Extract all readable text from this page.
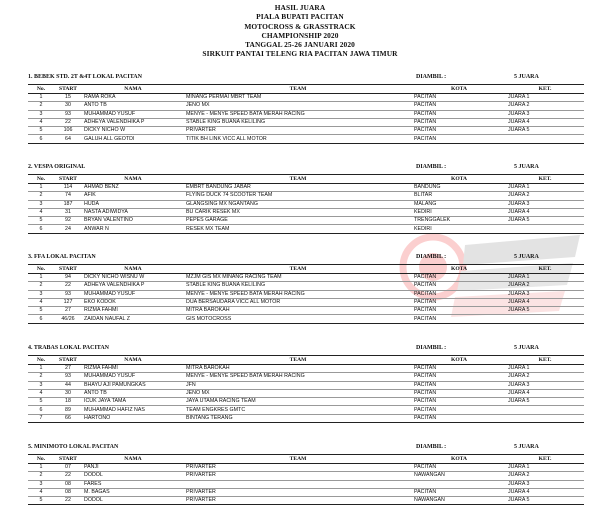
HASIL JUARA
PIALA BUPATI PACITAN
MOTOCROSS & GRASSTRACK
CHAMPIONSHIP 2020
TANGGAL 25-26 JANUARI 2020
SIRKUIT PANTAI TELENG RIA PACITAN JAWA TIMUR
1. BEBEK STD. 2T &4T LOKAL PACITAN	DIAMBIL :	5 JUARA
No.	START	NAMA	TEAM	KOTA	KET.
1	15	RAMA ROKA	MINANG PERMAI MBRT TEAM	PACITAN	JUARA 1
2	30	ANTO TB	JENO MX	PACITAN	JUARA 2
3	93	MUHAMMAD YUSUF	MENYE - MENYE SPEED BATA MERAH RACING	PACITAN	JUARA 3
4	22	ADHEYA VALENDHIKA P	STABLE KING BUANA KELILING	PACITAN	JUARA 4
5	106	DICKY NICHO W	PRIVARTER	PACITAN	JUARA 5
6	64	GALUH ALL GEOTDI	TITIK BH LINK VICC ALL MOTOR	PACITAN	
2. VESPA ORIGINAL	DIAMBIL :	5 JUARA
No.	START	NAMA	TEAM	KOTA	KET.
1	114	AHMAD BENZ	EMBRT BANDUNG JABAR	BANDUNG	JUARA 1
2	74	AFIK	FLYING DUCK 74 SCOOTER TEAM	BLITAR	JUARA 2
3	187	HUDA	GLANGSING MX NGANTANG	MALANG	JUARA 3
4	31	NASTA ADIWIDYA	BU CARIK RESEK MX	KEDIRI	JUARA 4
5	92	BRYAN VALENTINO	PEPES GARAGE	TRENGGALEK	JUARA 5
6	24	ANWAR N	RESEK MX TEAM	KEDIRI	
3. FFA LOKAL PACITAN	DIAMBIL :	5 JUARA
No.	START	NAMA	TEAM	KOTA	KET.
1	94	DICKY NICHO WISNU W	MZJM GIS MX MINANG RACING TEAM	PACITAN	JUARA 1
2	22	ADHEYA VALENDHIKA P	STABLE KING BUANA KELILING	PACITAN	JUARA 2
3	93	MUHAMMAD YUSUF	MENYE - MENYE SPEED BATA MERAH RACING	PACITAN	JUARA 3
4	127	EKO KODOK	DUA BERSAUDARA VICC ALL MOTOR	PACITAN	JUARA 4
5	27	RIZMA FAHMI	MITRA BAROKAH	PACITAN	JUARA 5
6	46/26	ZAIDAN NAUFAL Z	GIS MOTOCROSS	PACITAN	
4. TRABAS LOKAL PACITAN	DIAMBIL :	5 JUARA
No.	START	NAMA	TEAM	KOTA	KET.
1	27	RIZMA FAHMI	MITRA BAROKAH	PACITAN	JUARA 1
2	93	MUHAMMAD YUSUF	MENYE - MENYE SPEED BATA MERAH RACING	PACITAN	JUARA 2
3	44	BHAYU AJI PAMUNGKAS	JFN	PACITAN	JUARA 3
4	30	ANTO TB	JENO MX	PACITAN	JUARA 4
5	18	ICUK JAYA TAMA	JAYA UTAMA RACING TEAM	PACITAN	JUARA 5
6	89	MUHAMMAD HAFIZ NAS	TEAM ENGKRES GMTC	PACITAN	
7	66	HARTONO	BINTANG TERANG	PACITAN	
5. MINIMOTO LOKAL PACITAN	DIAMBIL :	5 JUARA
No.	START	NAMA	TEAM	KOTA	KET.
1	07	PANJI	PRIVARTER	PACITAN	JUARA 1
2	22	DODOL	PRIVARTER	NAWANGAN	JUARA 2
3	08	FARES			JUARA 3
4	08	M. BAGAS	PRIVARTER	PACITAN	JUARA 4
5	22	DODOL	PRIVARTER	NAWANGAN	JUARA 5
